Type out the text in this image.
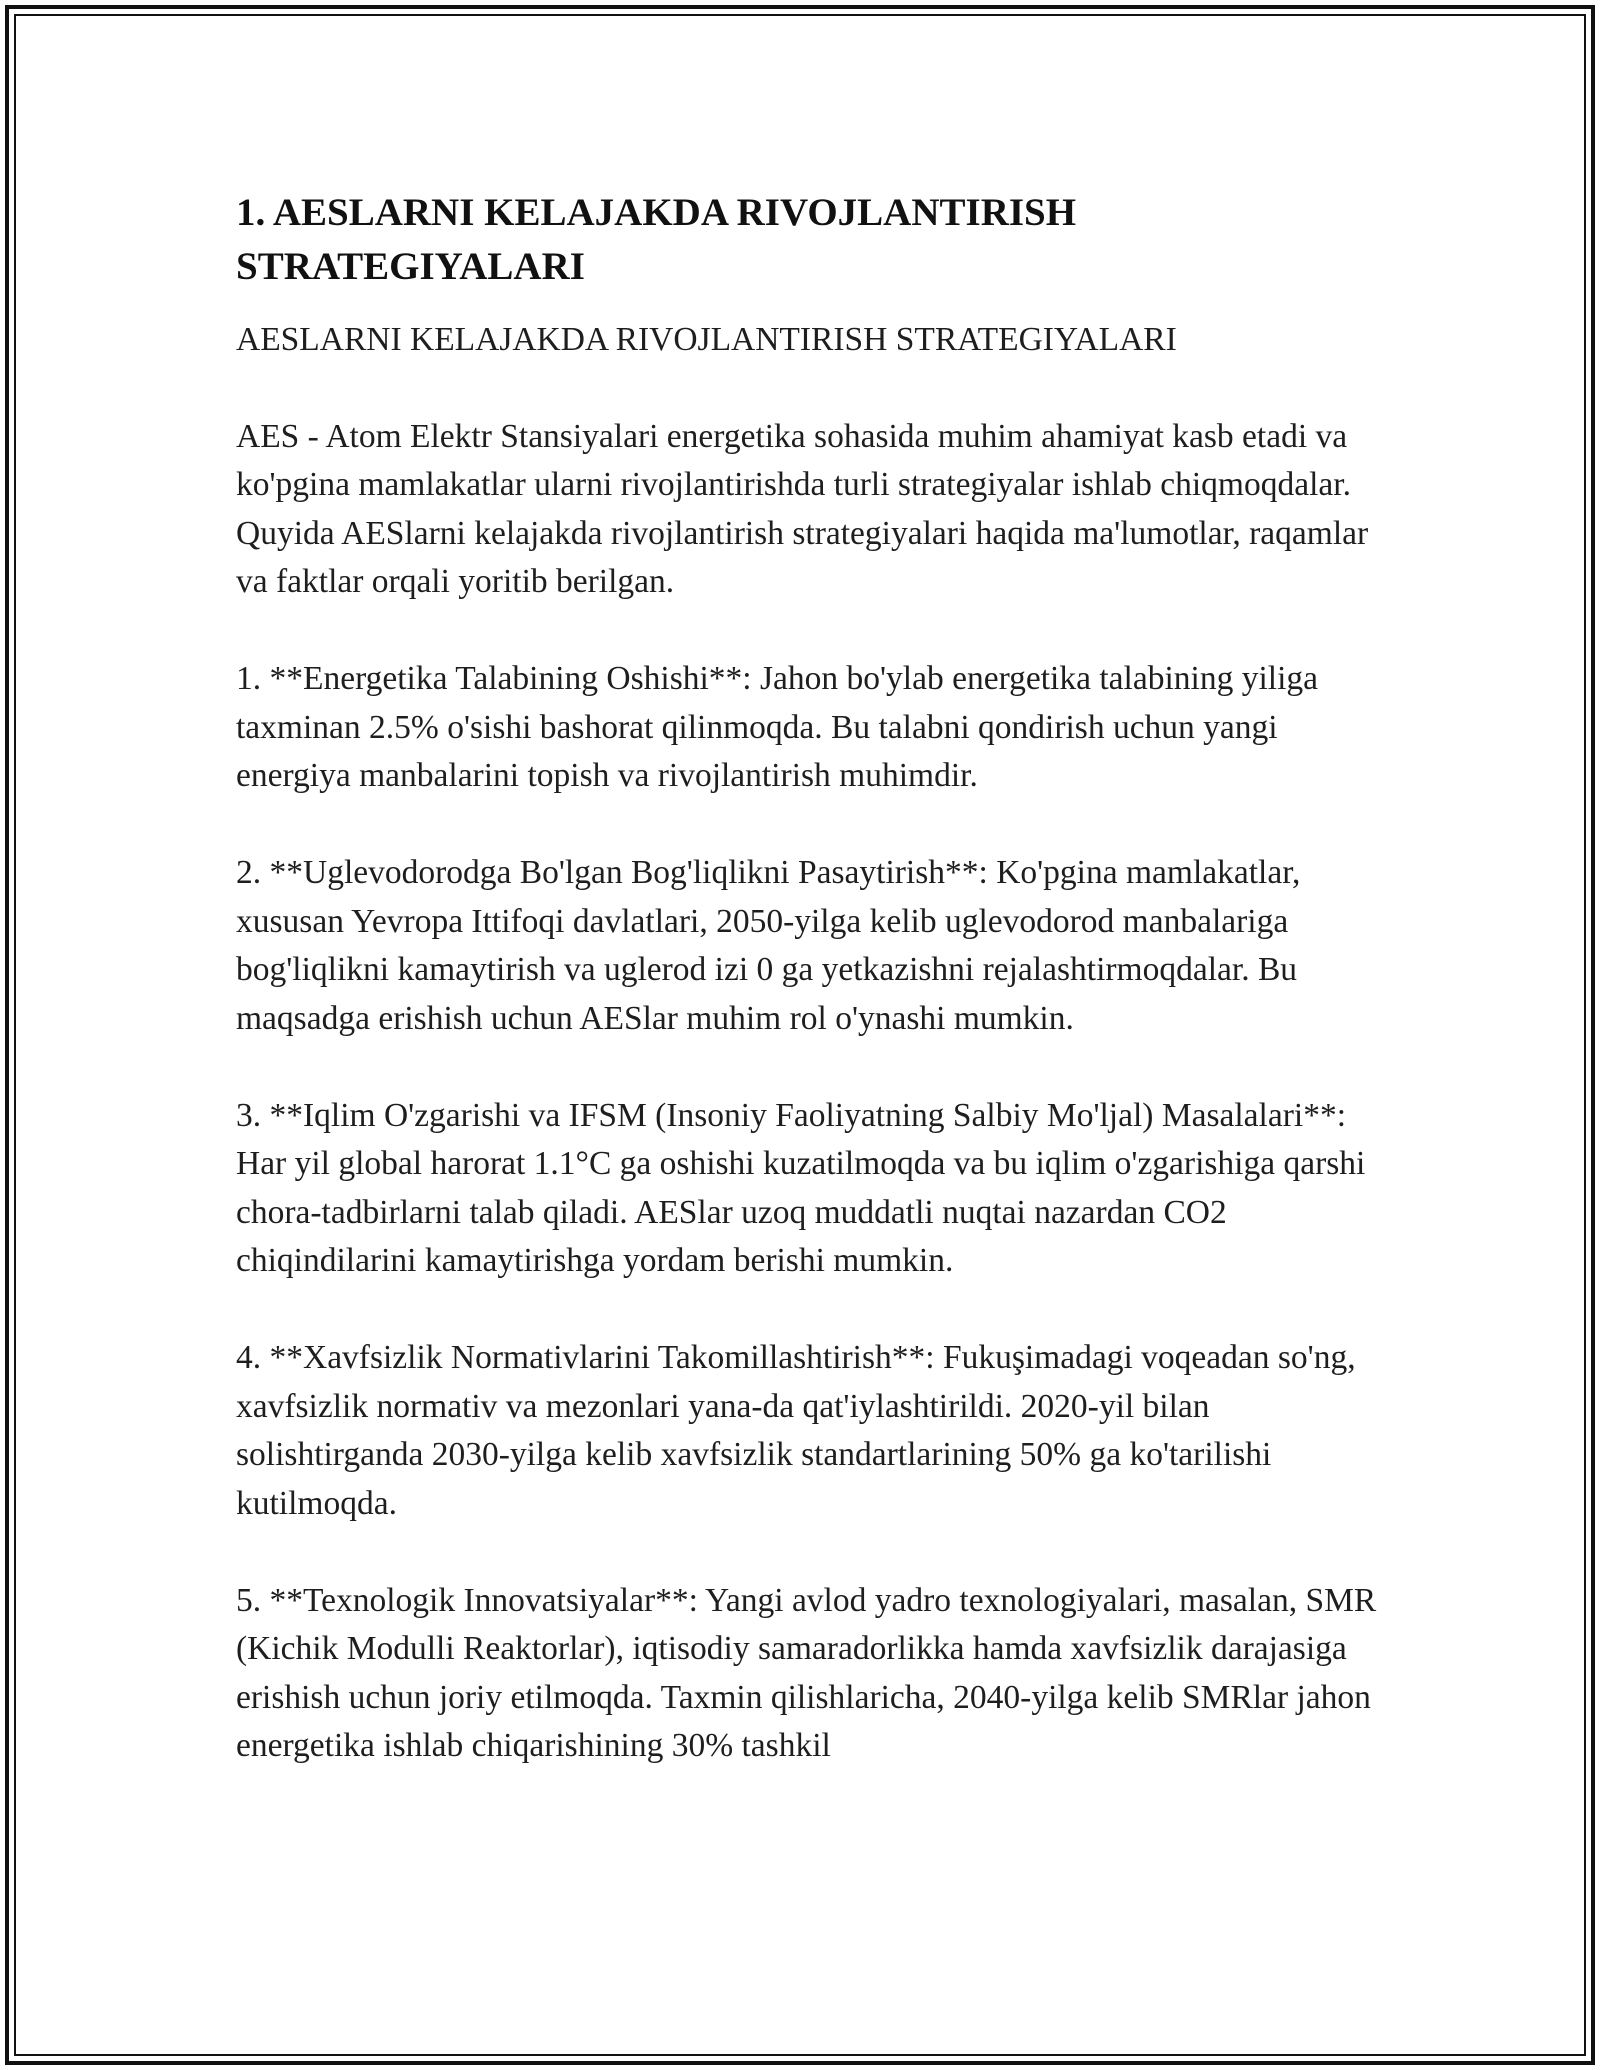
1. AESLARNI KELAJAKDA RIVOJLANTIRISH
STRATEGIYALARI

AESLARNI KELAJAKDA RIVOJLANTIRISH STRATEGIYALARI

AES - Atom Elektr Stansiyalari energetika sohasida muhim ahamiyat kasb etadi va ko'pgina mamlakatlar ularni rivojlantirishda turli strategiyalar ishlab chiqmoqdalar. Quyida AESlarni kelajakda rivojlantirish strategiyalari haqida ma'lumotlar, raqamlar va faktlar orqali yoritib berilgan.

1. **Energetika Talabining Oshishi**: Jahon bo'ylab energetika talabining yiliga taxminan 2.5% o'sishi bashorat qilinmoqda. Bu talabni qondirish uchun yangi energiya manbalarini topish va rivojlantirish muhimdir.

2. **Uglevodorodga Bo'lgan Bog'liqlikni Pasaytirish**: Ko'pgina mamlakatlar, xususan Yevropa Ittifoqi davlatlari, 2050-yilga kelib uglevodorod manbalariga bog'liqlikni kamaytirish va uglerod izi 0 ga yetkazishni rejalashtirmoqdalar. Bu maqsadga erishish uchun AESlar muhim rol o'ynashi mumkin.

3. **Iqlim O'zgarishi va IFSM (Insoniy Faoliyatning Salbiy Mo'ljal) Masalalari**: Har yil global harorat 1.1°C ga oshishi kuzatilmoqda va bu iqlim o'zgarishiga qarshi chora-tadbirlarni talab qiladi. AESlar uzoq muddatli nuqtai nazardan CO2 chiqindilarini kamaytirishga yordam berishi mumkin.

4. **Xavfsizlik Normativlarini Takomillashtirish**: Fukuşimadagi voqeadan so'ng, xavfsizlik normativ va mezonlari yana-da qat'iylashtirildi. 2020-yil bilan solishtirganda 2030-yilga kelib xavfsizlik standartlarining 50% ga ko'tarilishi kutilmoqda.

5. **Texnologik Innovatsiyalar**: Yangi avlod yadro texnologiyalari, masalan, SMR (Kichik Modulli Reaktorlar), iqtisodiy samaradorlikka hamda xavfsizlik darajasiga erishish uchun joriy etilmoqda. Taxmin qilishlaricha, 2040-yilga kelib SMRlar jahon energetika ishlab chiqarishining 30% tashkil
